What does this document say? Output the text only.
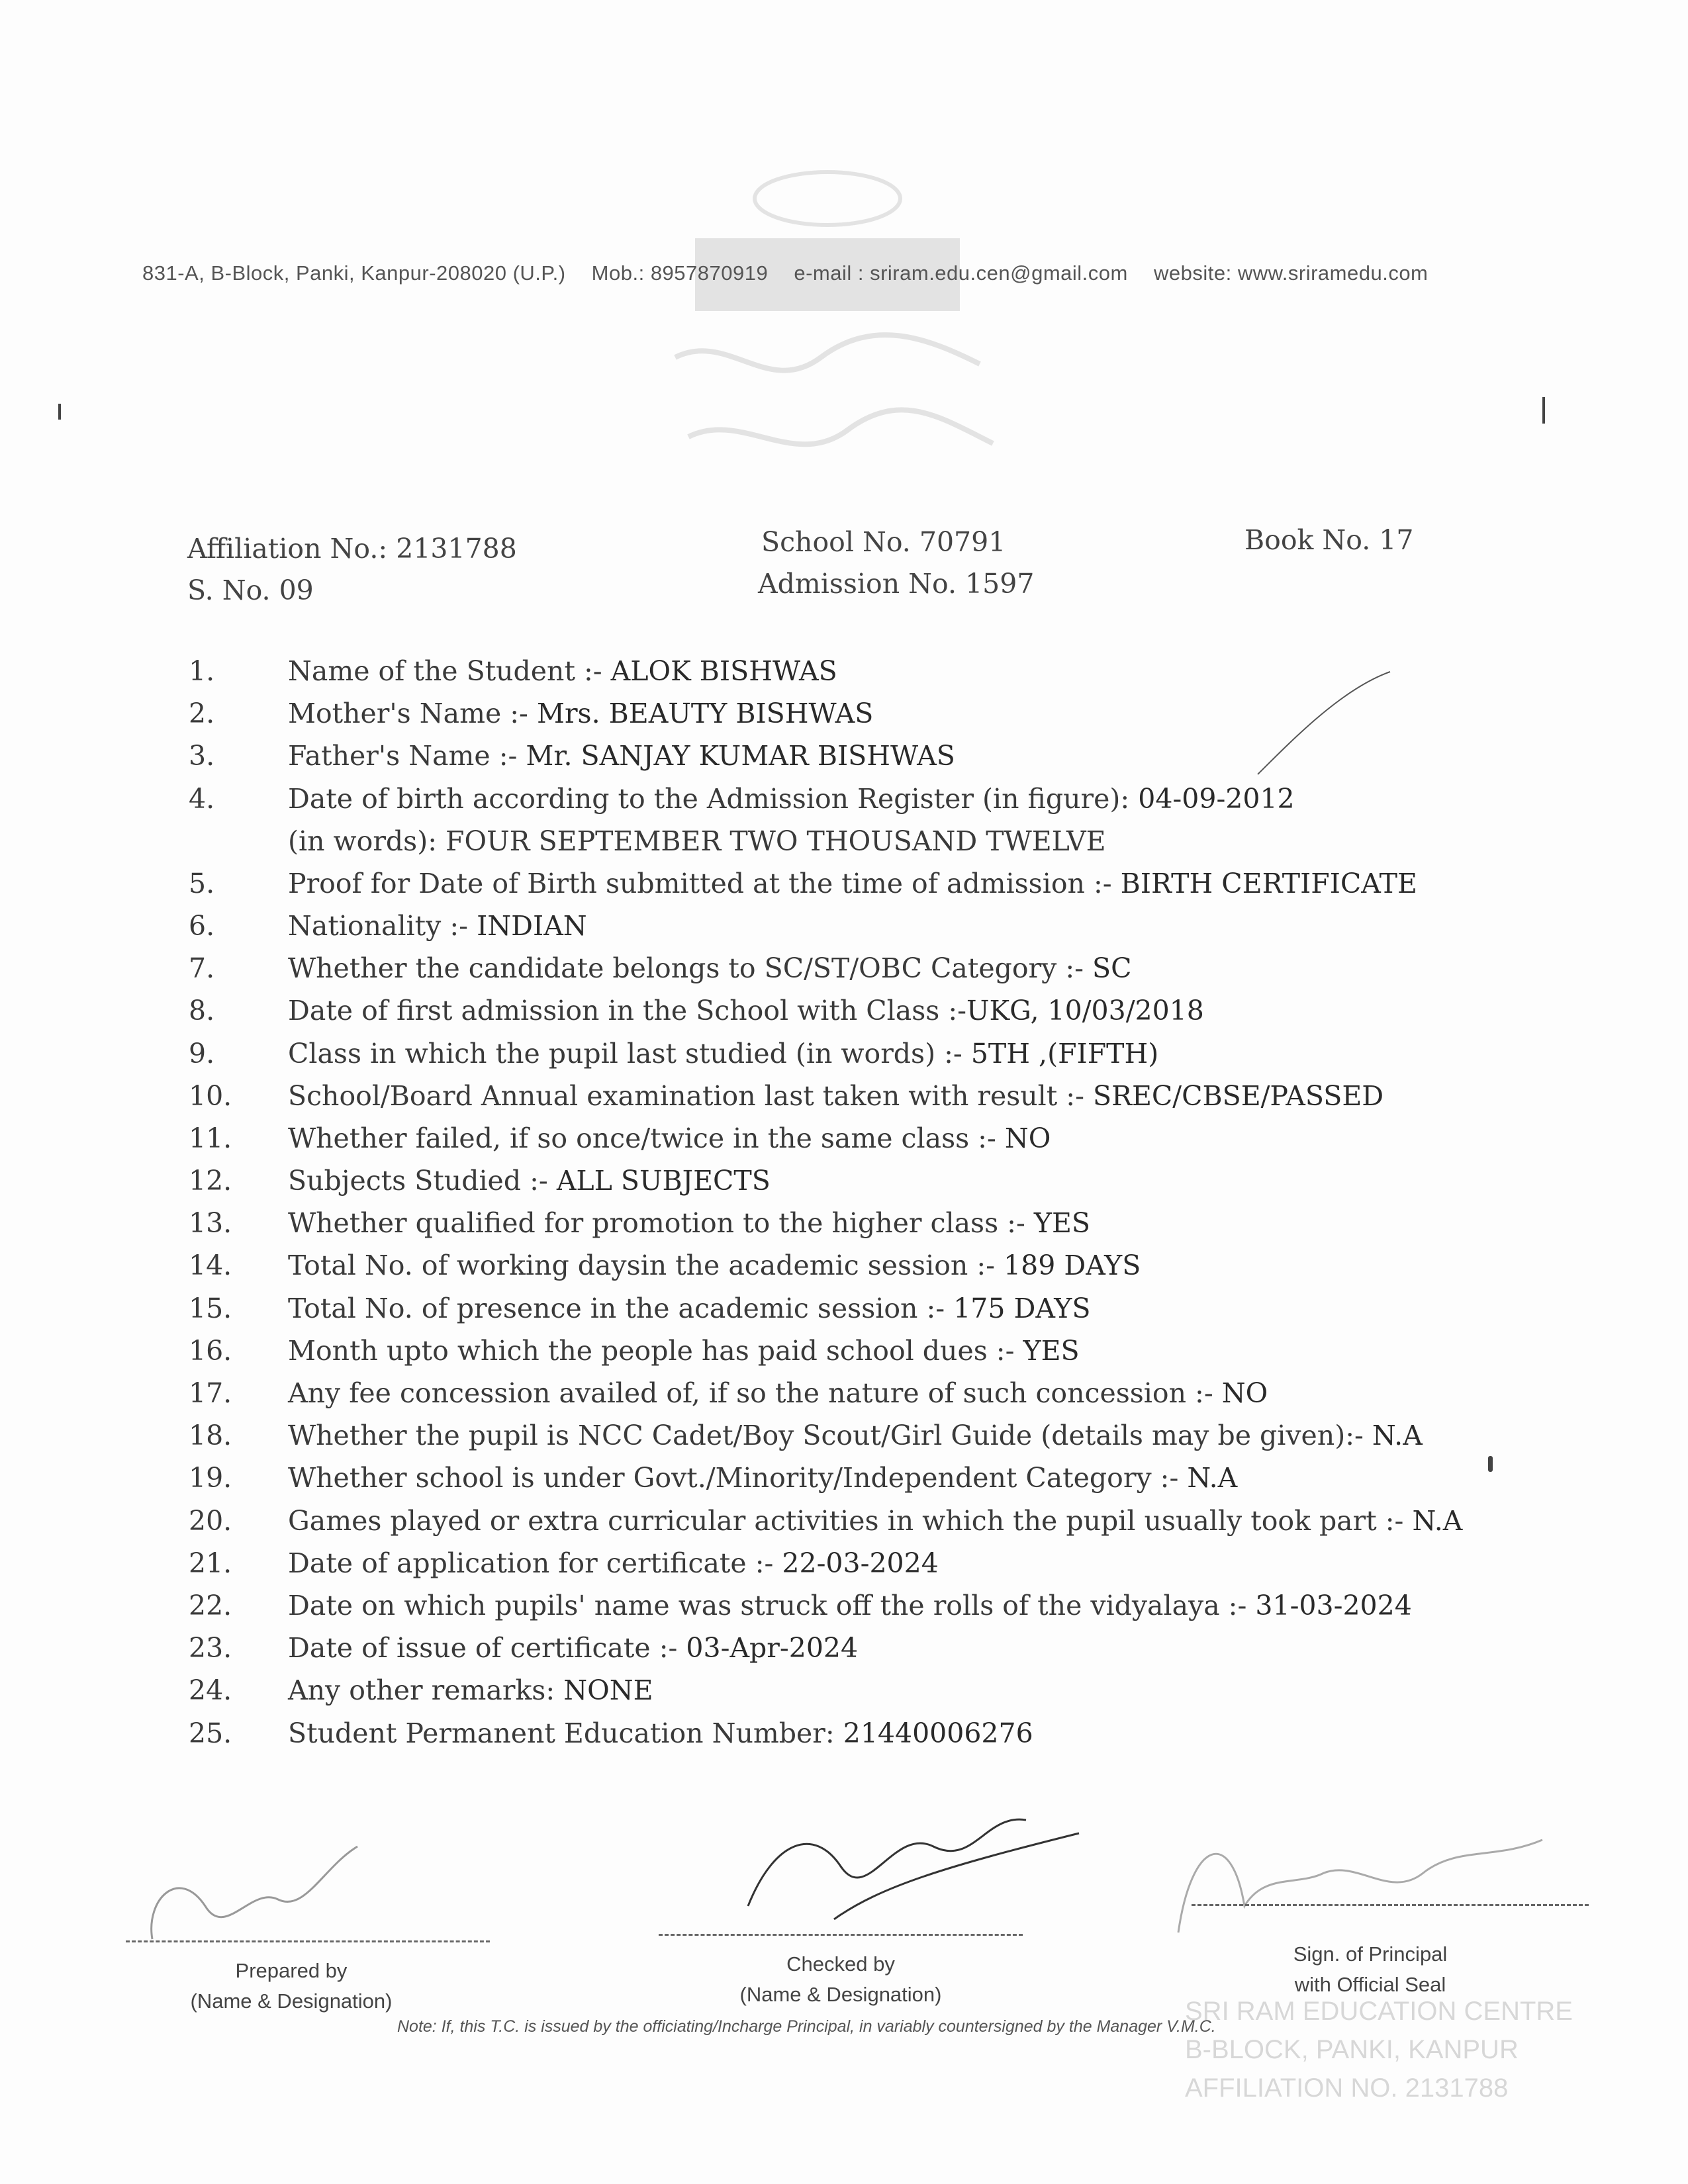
831-A, B-Block, Panki, Kanpur-208020 (U.P.) Mob.: 8957870919 e-mail : sriram.edu.cen@gmail.com website: www.sriramedu.com
Affiliation No.: 2131788
S. No. 09
School No. 70791
Admission No. 1597
Book No. 17
1.	Name of the Student :- ALOK BISHWAS
2.	Mother's Name :- Mrs. BEAUTY BISHWAS
3.	Father's Name :- Mr. SANJAY KUMAR BISHWAS
4.	Date of birth according to the Admission Register (in figure): 04-09-2012
(in words): FOUR SEPTEMBER TWO THOUSAND TWELVE
5.	Proof for Date of Birth submitted at the time of admission :- BIRTH CERTIFICATE
6.	Nationality :- INDIAN
7.	Whether the candidate belongs to SC/ST/OBC Category :- SC
8.	Date of first admission in the School with Class :-UKG, 10/03/2018
9.	Class in which the pupil last studied (in words) :- 5TH ,(FIFTH)
10.	School/Board Annual examination last taken with result :- SREC/CBSE/PASSED
11.	Whether failed, if so once/twice in the same class :- NO
12.	Subjects Studied :- ALL SUBJECTS
13.	Whether qualified for promotion to the higher class :- YES
14.	Total No. of working daysin the academic session :- 189 DAYS
15.	Total No. of presence in the academic session :- 175 DAYS
16.	Month upto which the people has paid school dues :- YES
17.	Any fee concession availed of, if so the nature of such concession :- NO
18.	Whether the pupil is NCC Cadet/Boy Scout/Girl Guide (details may be given):- N.A
19.	Whether school is under Govt./Minority/Independent Category :- N.A
20.	Games played or extra curricular activities in which the pupil usually took part :- N.A
21.	Date of application for certificate :- 22-03-2024
22.	Date on which pupils' name was struck off the rolls of the vidyalaya :- 31-03-2024
23.	Date of issue of certificate :- 03-Apr-2024
24.	Any other remarks: NONE
25.	Student Permanent Education Number: 21440006276
Prepared by
(Name & Designation)
Checked by
(Name & Designation)
Sign. of Principal
with Official Seal
SRI RAM EDUCATION CENTRE
B-BLOCK, PANKI, KANPUR
AFFILIATION NO. 2131788
Note: If, this T.C. is issued by the officiating/Incharge Principal, in variably countersigned by the Manager V.M.C.
